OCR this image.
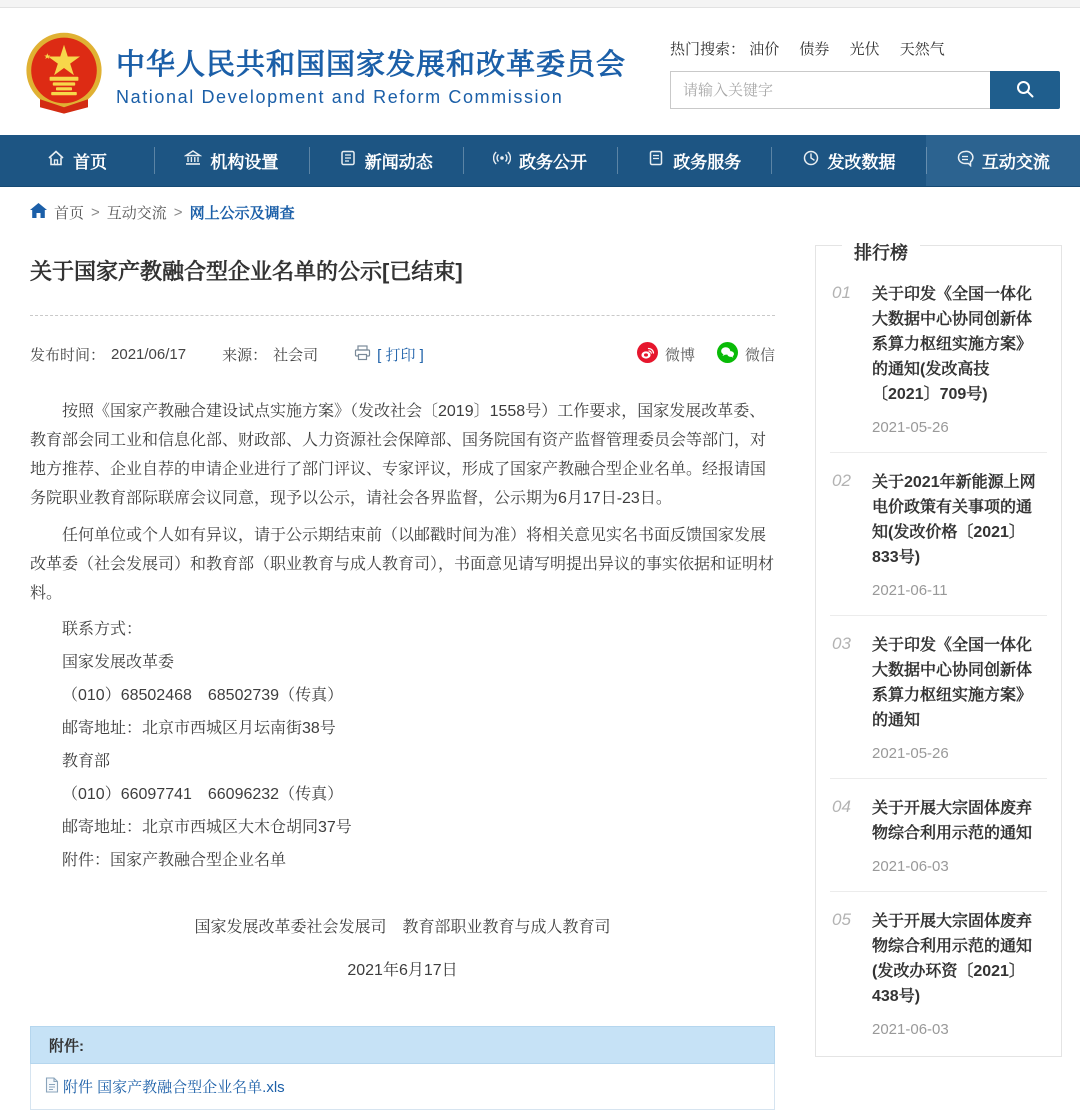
中华人民共和国国家发展和改革委员会
National Development and Reform Commission
热门搜索： 油价 债券 光伏 天然气
请输入关键字
首页	机构设置	新闻动态	政务公开	政务服务	发改数据	互动交流
首页 > 互动交流 > 网上公示及调查
关于国家产教融合型企业名单的公示[已结束]
发布时间： 2021/06/17 来源： 社会司	[ 打印 ]	微博	微信

按照《国家产教融合建设试点实施方案》（发改社会〔2019〕1558号）工作要求，国家发展改革委、教育部会同工业和信息化部、财政部、人力资源社会保障部、国务院国有资产监督管理委员会等部门，对地方推荐、企业自荐的申请企业进行了部门评议、专家评议，形成了国家产教融合型企业名单。经报请国务院职业教育部际联席会议同意，现予以公示，请社会各界监督，公示期为6月17日-23日。

任何单位或个人如有异议，请于公示期结束前（以邮戳时间为准）将相关意见实名书面反馈国家发展改革委（社会发展司）和教育部（职业教育与成人教育司），书面意见请写明提出异议的事实依据和证明材料。

联系方式：

国家发展改革委

（010）68502468　68502739（传真）

邮寄地址：北京市西城区月坛南街38号

教育部

（010）66097741　66096232（传真）

邮寄地址：北京市西城区大木仓胡同37号

附件：国家产教融合型企业名单

国家发展改革委社会发展司　教育部职业教育与成人教育司

2021年6月17日

附件:
附件 国家产教融合型企业名单.xls
排行榜
01	关于印发《全国一体化大数据中心协同创新体系算力枢纽实施方案》的通知(发改高技〔2021〕709号)
2021-05-26
02	关于2021年新能源上网电价政策有关事项的通知(发改价格〔2021〕833号)
2021-06-11
03	关于印发《全国一体化大数据中心协同创新体系算力枢纽实施方案》的通知
2021-05-26
04	关于开展大宗固体废弃物综合利用示范的通知
2021-06-03
05	关于开展大宗固体废弃物综合利用示范的通知(发改办环资〔2021〕438号)
2021-06-03
